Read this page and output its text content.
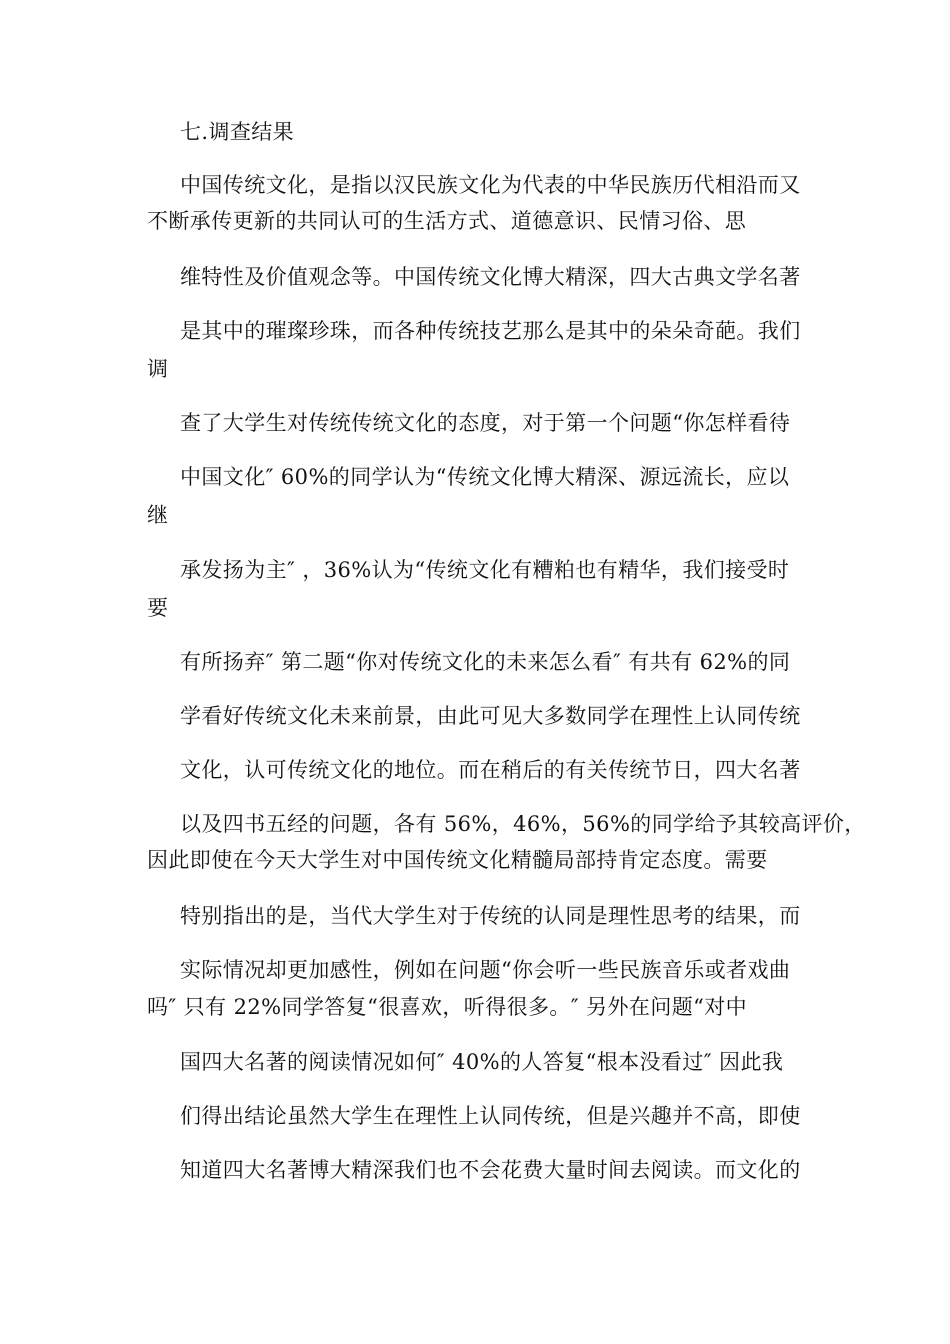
七.调查结果
中国传统文化，是指以汉民族文化为代表的中华民族历代相沿而又
不断承传更新的共同认可的生活方式、道德意识、民情习俗、思
维特性及价值观念等。中国传统文化博大精深，四大古典文学名著
是其中的璀璨珍珠，而各种传统技艺那么是其中的朵朵奇葩。我们
调
查了大学生对传统传统文化的态度，对于第一个问题“你怎样看待
中国文化″ 60%的同学认为“传统文化博大精深、源远流长，应以
继
承发扬为主″ ，36%认为“传统文化有糟粕也有精华，我们接受时
要
有所扬弃″ 第二题“你对传统文化的未来怎么看″ 有共有 62%的同
学看好传统文化未来前景，由此可见大多数同学在理性上认同传统
文化，认可传统文化的地位。而在稍后的有关传统节日，四大名著
以及四书五经的问题，各有 56%，46%，56%的同学给予其较高评价，
因此即使在今天大学生对中国传统文化精髓局部持肯定态度。需要
特别指出的是，当代大学生对于传统的认同是理性思考的结果，而
实际情况却更加感性，例如在问题“你会听一些民族音乐或者戏曲
吗″ 只有 22%同学答复“很喜欢，听得很多。″ 另外在问题“对中
国四大名著的阅读情况如何″ 40%的人答复“根本没看过″ 因此我
们得出结论虽然大学生在理性上认同传统，但是兴趣并不高，即使
知道四大名著博大精深我们也不会花费大量时间去阅读。而文化的
